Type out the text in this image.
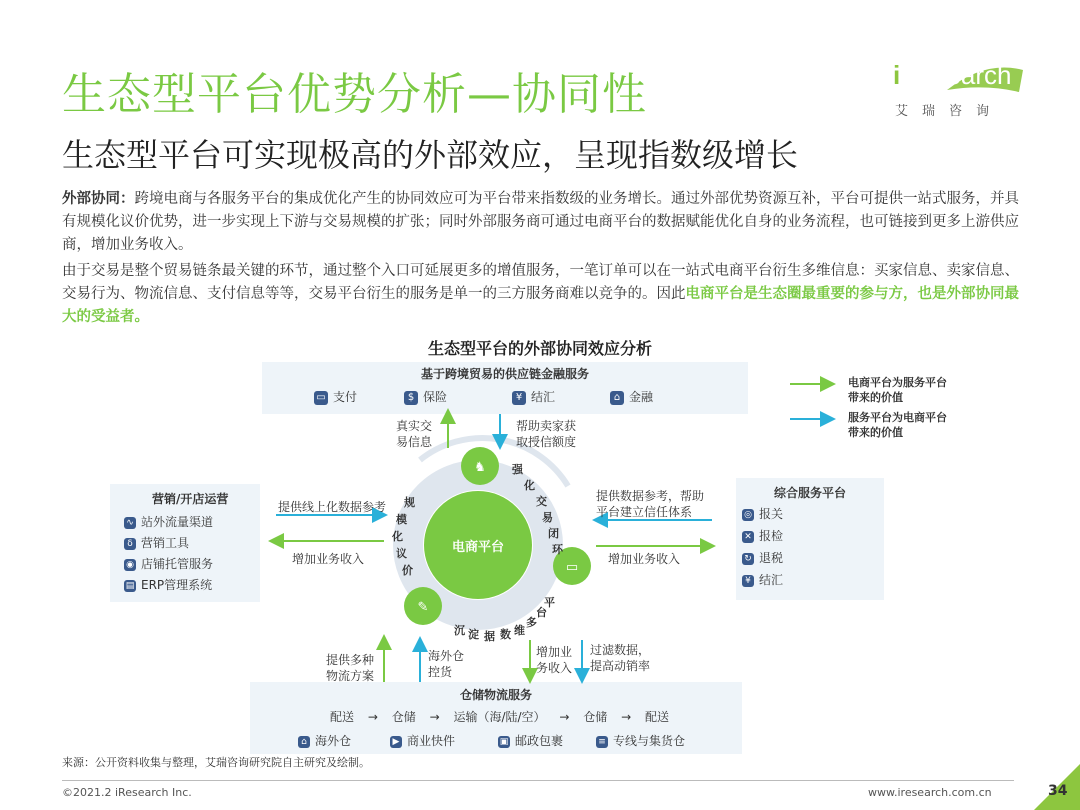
生态型平台优势分析—协同性
生态型平台可实现极高的外部效应，呈现指数级增长
iResearch
艾瑞咨询
外部协同：跨境电商与各服务平台的集成优化产生的协同效应可为平台带来指数级的业务增长。通过外部优势资源互补，平台可提供一站式服务，并具有规模化议价优势，进一步实现上下游与交易规模的扩张；同时外部服务商可通过电商平台的数据赋能优化自身的业务流程，也可链接到更多上游供应商，增加业务收入。
由于交易是整个贸易链条最关键的环节，通过整个入口可延展更多的增值服务，一笔订单可以在一站式电商平台衍生多维信息：买家信息、卖家信息、交易行为、物流信息、支付信息等等，交易平台衍生的服务是单一的三方服务商难以竞争的。因此电商平台是生态圈最重要的参与方，也是外部协同最大的受益者。
生态型平台的外部协同效应分析
基于跨境贸易的供应链金融服务
▭ 支付	$ 保险	¥ 结汇	⌂ 金融
营销/开店运营
∿ 站外流量渠道
δ 营销工具
◉ 店铺托管服务
▤ ERP管理系统
综合服务平台
◎ 报关
✕ 报检
↻ 退税
¥ 结汇
仓储物流服务
配送 → 仓储 → 运输（海/陆/空） → 仓储 → 配送
⌂ 海外仓	▶ 商业快件	▣ 邮政包裹	≡ 专线与集货仓
♞
▭
✎
电商平台
强
化
交
易
闭
环
规
模
化
议
价
沉 淀 据 数 维
多
台
平
真实交
易信息
帮助卖家获
取授信额度
提供线上化数据参考
增加业务收入
提供数据参考，帮助
平台建立信任体系
增加业务收入
提供多种
物流方案
海外仓
控货
增加业
务收入
过滤数据，
提高动销率
电商平台为服务平台
带来的价值
服务平台为电商平台
带来的价值
来源：公开资料收集与整理，艾瑞咨询研究院自主研究及绘制。
©2021.2 iResearch Inc.	www.iresearch.com.cn	34
